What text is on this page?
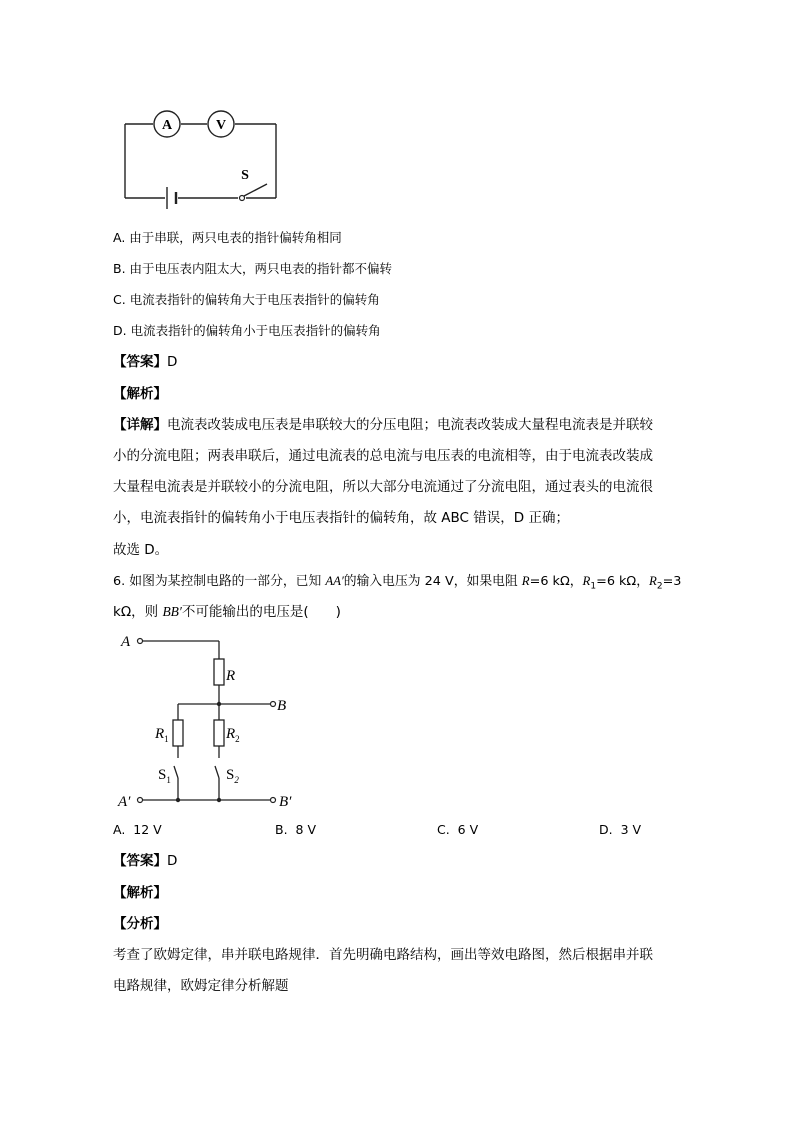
A	V
S
A. 由于串联，两只电表的指针偏转角相同
B. 由于电压表内阻太大，两只电表的指针都不偏转
C. 电流表指针的偏转角大于电压表指针的偏转角
D. 电流表指针的偏转角小于电压表指针的偏转角
【答案】D
【解析】
【详解】电流表改装成电压表是串联较大的分压电阻；电流表改装成大量程电流表是并联较
小的分流电阻；两表串联后，通过电流表的总电流与电压表的电流相等，由于电流表改装成
大量程电流表是并联较小的分流电阻，所以大部分电流通过了分流电阻，通过表头的电流很
小，电流表指针的偏转角小于电压表指针的偏转角，故 ABC 错误，D 正确；
故选 D。
6. 如图为某控制电路的一部分，已知 AA′的输入电压为 24 V，如果电阻 R=6 kΩ，$R_1=6$ kΩ，$R_2=3$
kΩ，则 BB′不可能输出的电压是(　　)
A
B
A′	B′
R
$R_1$	$R_2$
$S_1$	$S_2$
A. 12 V	B. 8 V	C. 6 V	D. 3 V
【答案】D
【解析】
【分析】
考查了欧姆定律，串并联电路规律．首先明确电路结构，画出等效电路图，然后根据串并联
电路规律，欧姆定律分析解题
